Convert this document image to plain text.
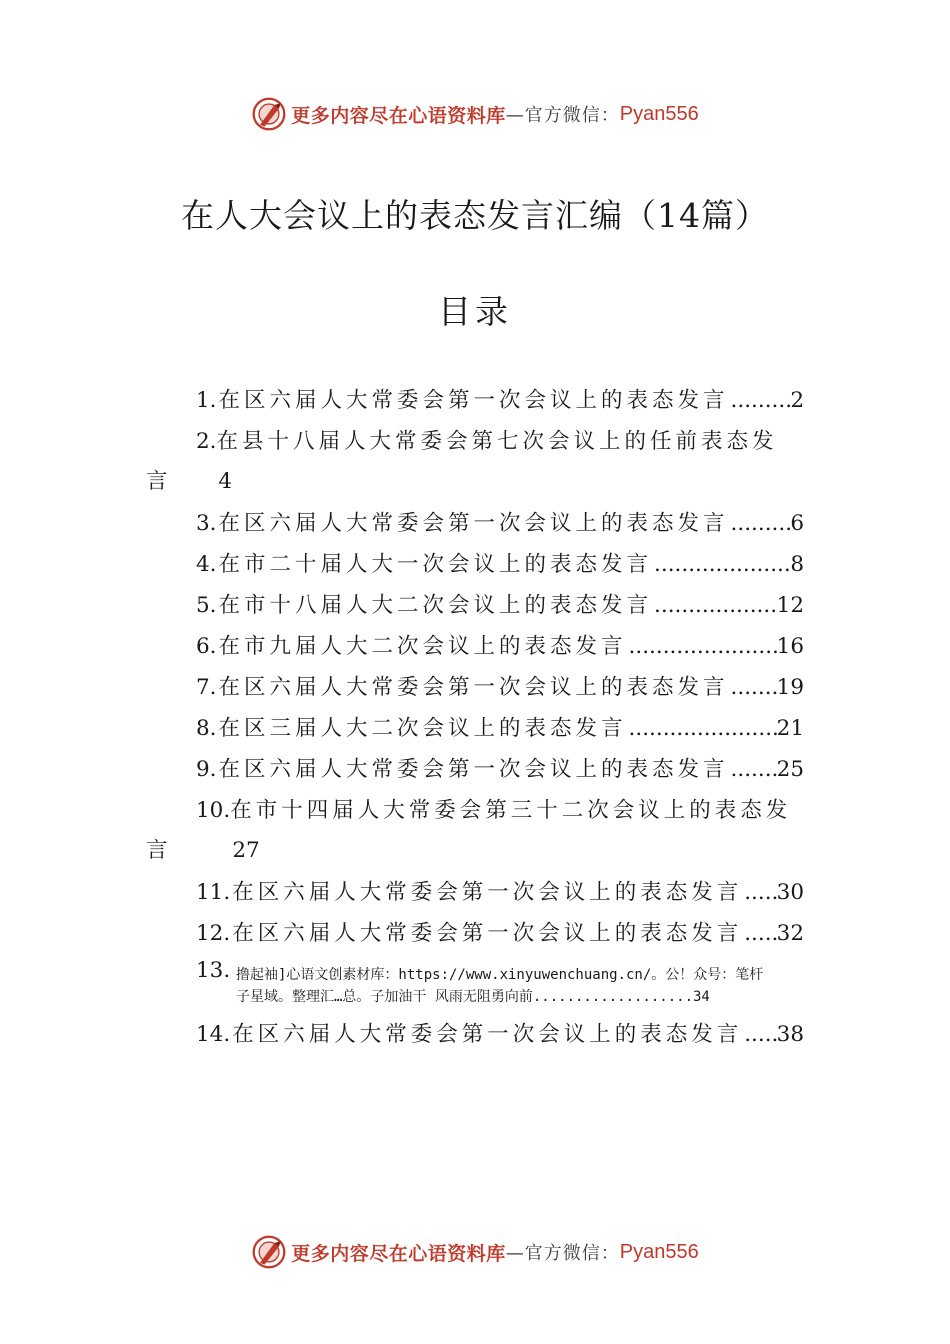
更多内容尽在心语资料库 —官方微信： Pyan556
在人大会议上的表态发言汇编（14篇）
目录
1. 在区六届人大常委会第一次会议上的表态发言 .....	2
2.在县十八届人大常委会第七次会议上的任前表态发
言 4
3. 在区六届人大常委会第一次会议上的表态发言 .....	6
4. 在市二十届人大一次会议上的表态发言 .....	8
5. 在市十八届人大二次会议上的表态发言 .....	12
6. 在市九届人大二次会议上的表态发言 .....	16
7. 在区六届人大常委会第一次会议上的表态发言 ..... 19
8. 在区三届人大二次会议上的表态发言 .....	21
9. 在区六届人大常委会第一次会议上的表态发言 ..... 25
10.在市十四届人大常委会第三十二次会议上的表态发
言	27
11. 在区六届人大常委会第一次会议上的表态发言 ..... 30
12. 在区六届人大常委会第一次会议上的表态发言 ..... 32
13. 撸起袖]心语文创素材库：https://www.xinyuwenchuang.cn/。公！众号：笔杆
子星域。整理汇…总。子加油干 风雨无阻勇向前...................34
14. 在区六届人大常委会第一次会议上的表态发言 ..... 38
更多内容尽在心语资料库 —官方微信： Pyan556
